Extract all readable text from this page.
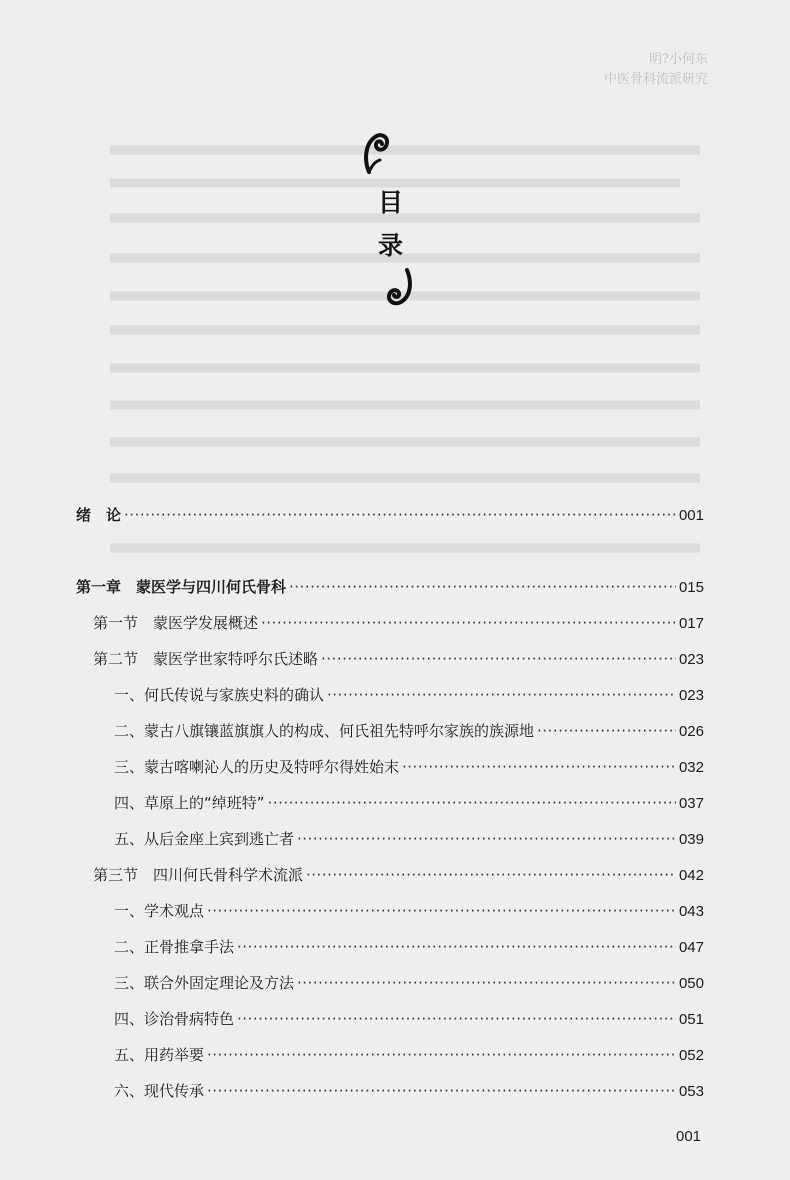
明?小何东
中医骨科流派研究
目
录
绪　论 ·····	001
第一章　蒙医学与四川何氏骨科 ·····	015
第一节　蒙医学发展概述 ·····	017
第二节　蒙医学世家特呼尔氏述略 ·····	023
一、何氏传说与家族史料的确认 ·····	023
二、蒙古八旗镶蓝旗旗人的构成、何氏祖先特呼尔家族的族源地 ·····	026
三、蒙古喀喇沁人的历史及特呼尔得姓始末 ·····	032
四、草原上的“绰班特” ·····	037
五、从后金座上宾到逃亡者 ·····	039
第三节　四川何氏骨科学术流派 ·····	042
一、学术观点 ·····	043
二、正骨推拿手法 ·····	047
三、联合外固定理论及方法 ·····	050
四、诊治骨病特色 ·····	051
五、用药举要 ·····	052
六、现代传承 ·····	053
001
